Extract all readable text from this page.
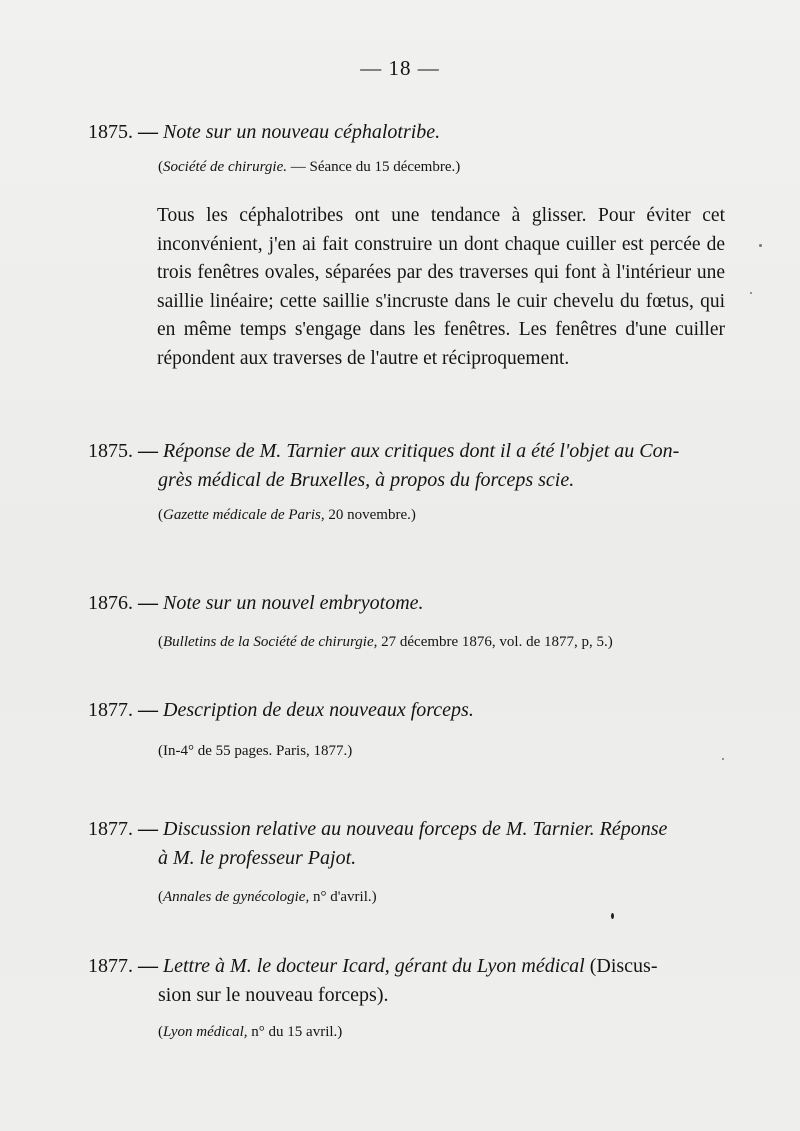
— 18 —
1875. — Note sur un nouveau céphalotribe.
(Société de chirurgie. — Séance du 15 décembre.)

Tous les céphalotribes ont une tendance à glisser. Pour éviter cet inconvénient, j'en ai fait construire un dont chaque cuiller est percée de trois fenêtres ovales, séparées par des traverses qui font à l'intérieur une saillie linéaire; cette saillie s'incruste dans le cuir chevelu du fœtus, qui en même temps s'engage dans les fenêtres. Les fenêtres d'une cuiller répondent aux traverses de l'autre et réciproquement.

1875. — Réponse de M. Tarnier aux critiques dont il a été l'objet au Con-
grès médical de Bruxelles, à propos du forceps scie.
(Gazette médicale de Paris, 20 novembre.)
1876. — Note sur un nouvel embryotome.
(Bulletins de la Société de chirurgie, 27 décembre 1876, vol. de 1877, p, 5.)
1877. — Description de deux nouveaux forceps.
(In-4° de 55 pages. Paris, 1877.)
1877. — Discussion relative au nouveau forceps de M. Tarnier. Réponse
à M. le professeur Pajot.
(Annales de gynécologie, n° d'avril.)
1877. — Lettre à M. le docteur Icard, gérant du Lyon médical (Discus-
sion sur le nouveau forceps).
(Lyon médical, n° du 15 avril.)
